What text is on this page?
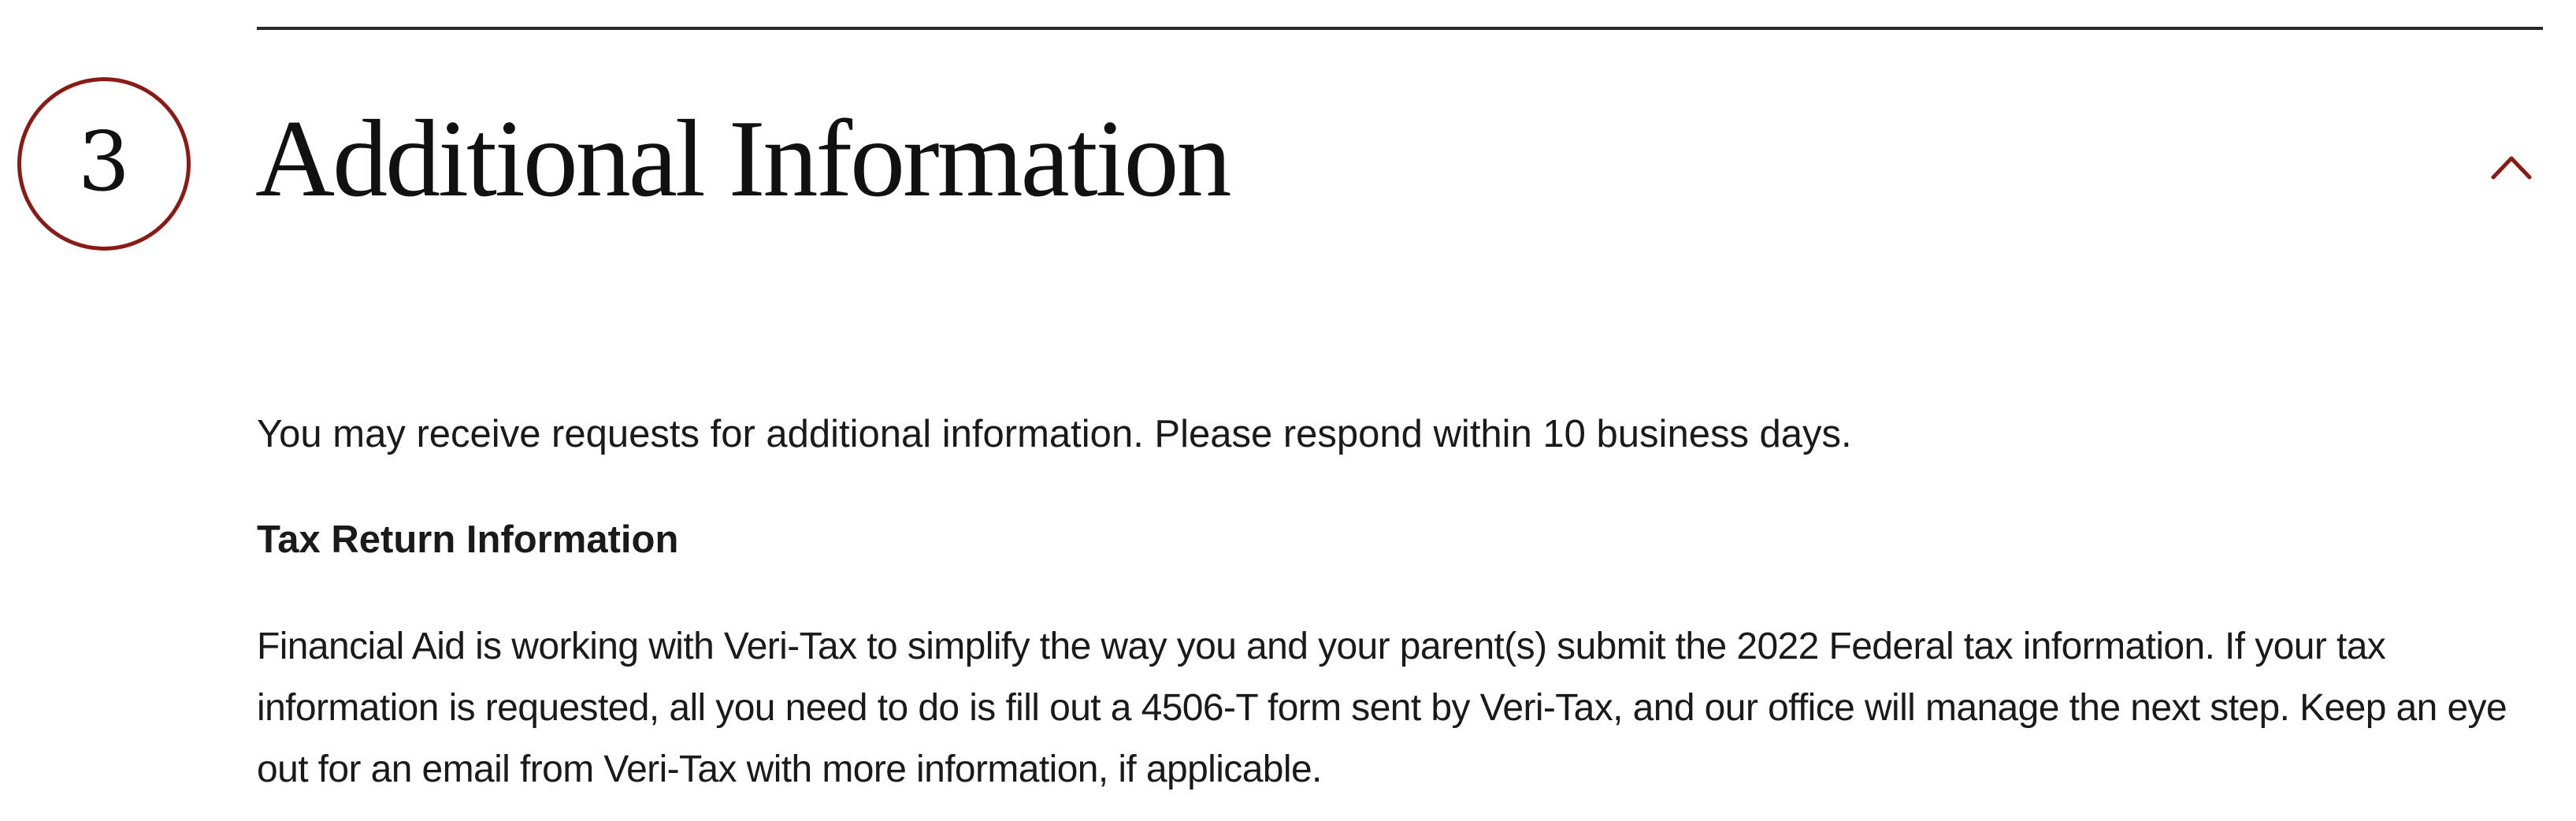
3 Additional Information

You may receive requests for additional information. Please respond within 10 business days.

Tax Return Information

Financial Aid is working with Veri-Tax to simplify the way you and your parent(s) submit the 2022 Federal tax information. If your tax information is requested, all you need to do is fill out a 4506-T form sent by Veri-Tax, and our office will manage the next step. Keep an eye out for an email from Veri-Tax with more information, if applicable.
